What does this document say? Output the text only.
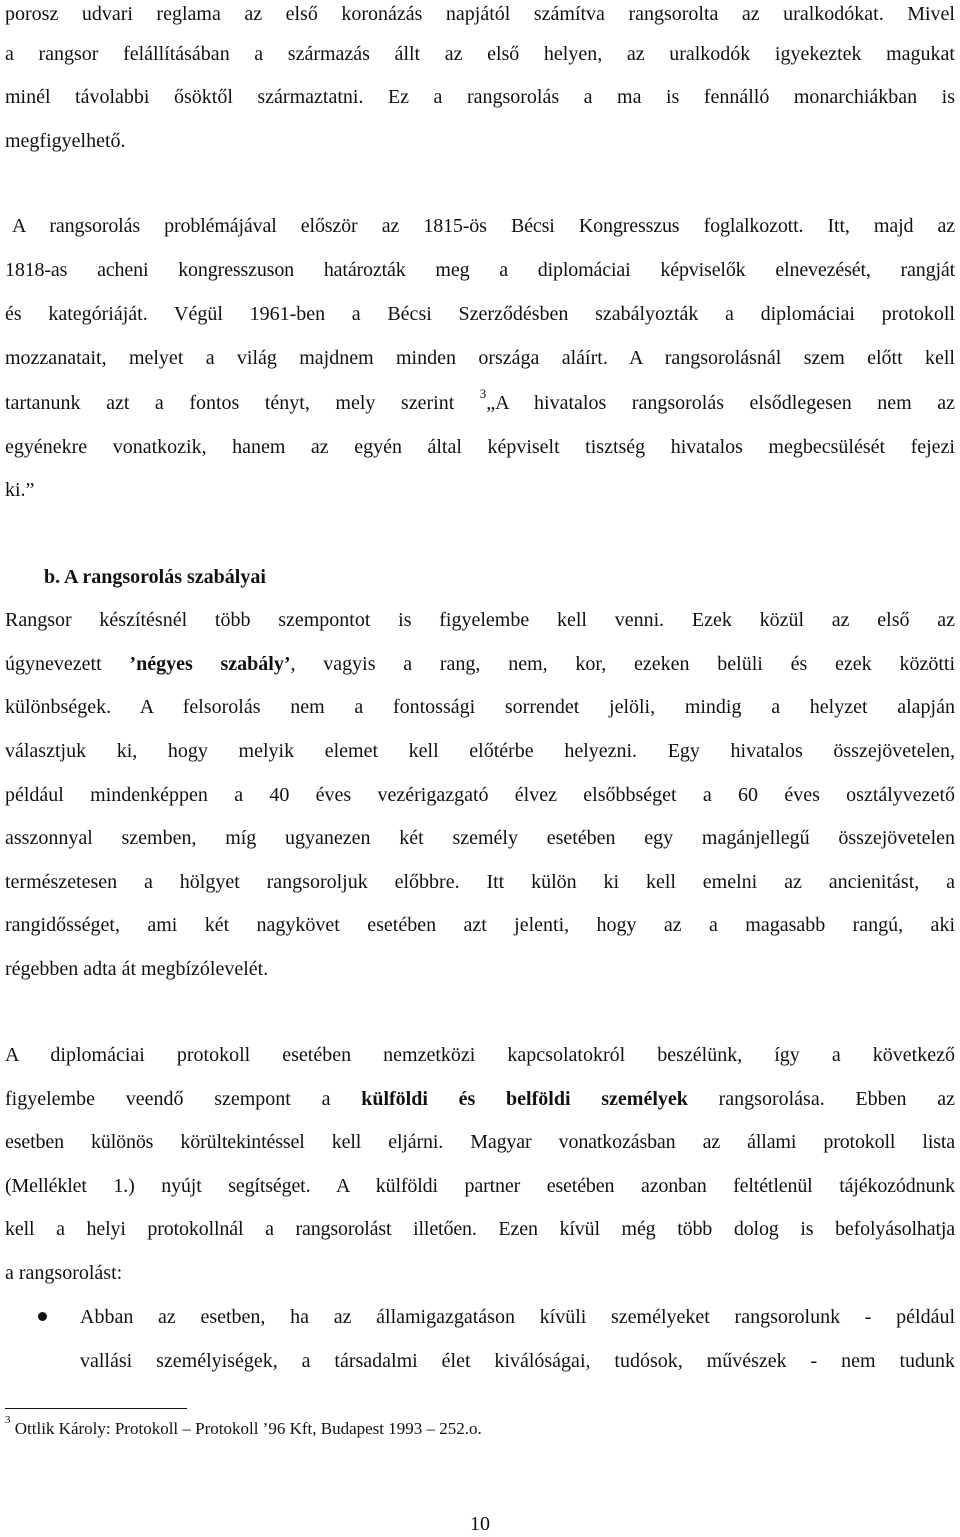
porosz udvari reglama az első koronázás napjától számítva rangsorolta az uralkodókat. Mivel
a rangsor felállításában a származás állt az első helyen, az uralkodók igyekeztek magukat
minél távolabbi ősöktől származtatni. Ez a rangsorolás a ma is fennálló monarchiákban is
megfigyelhető.
A rangsorolás problémájával először az 1815-ös Bécsi Kongresszus foglalkozott. Itt, majd az
1818-as acheni kongresszuson határozták meg a diplomáciai képviselők elnevezését, rangját
és kategóriáját. Végül 1961-ben a Bécsi Szerződésben szabályozták a diplomáciai protokoll
mozzanatait, melyet a világ majdnem minden országa aláírt. A rangsorolásnál szem előtt kell
tartanunk azt a fontos tényt, mely szerint $^3$„A hivatalos rangsorolás elsődlegesen nem az
egyénekre vonatkozik, hanem az egyén által képviselt tisztség hivatalos megbecsülését fejezi
ki.”
b. A rangsorolás szabályai
Rangsor készítésnél több szempontot is figyelembe kell venni. Ezek közül az első az
úgynevezett ’négyes szabály’, vagyis a rang, nem, kor, ezeken belüli és ezek közötti
különbségek. A felsorolás nem a fontossági sorrendet jelöli, mindig a helyzet alapján
választjuk ki, hogy melyik elemet kell előtérbe helyezni. Egy hivatalos összejövetelen,
például mindenképpen a 40 éves vezérigazgató élvez elsőbbséget a 60 éves osztályvezető
asszonnyal szemben, míg ugyanezen két személy esetében egy magánjellegű összejövetelen
természetesen a hölgyet rangsoroljuk előbbre. Itt külön ki kell emelni az ancienitást, a
rangidősséget, ami két nagykövet esetében azt jelenti, hogy az a magasabb rangú, aki
régebben adta át megbízólevelét.
A diplomáciai protokoll esetében nemzetközi kapcsolatokról beszélünk, így a következő
figyelembe veendő szempont a külföldi és belföldi személyek rangsorolása. Ebben az
esetben különös körültekintéssel kell eljárni. Magyar vonatkozásban az állami protokoll lista
(Melléklet 1.) nyújt segítséget. A külföldi partner esetében azonban feltétlenül tájékozódnunk
kell a helyi protokollnál a rangsorolást illetően. Ezen kívül még több dolog is befolyásolhatja
a rangsorolást:
Abban az esetben, ha az államigazgatáson kívüli személyeket rangsorolunk - például
vallási személyiségek, a társadalmi élet kiválóságai, tudósok, művészek - nem tudunk
$^3$ Ottlik Károly: Protokoll – Protokoll ’96 Kft, Budapest 1993 – 252.o.
10
